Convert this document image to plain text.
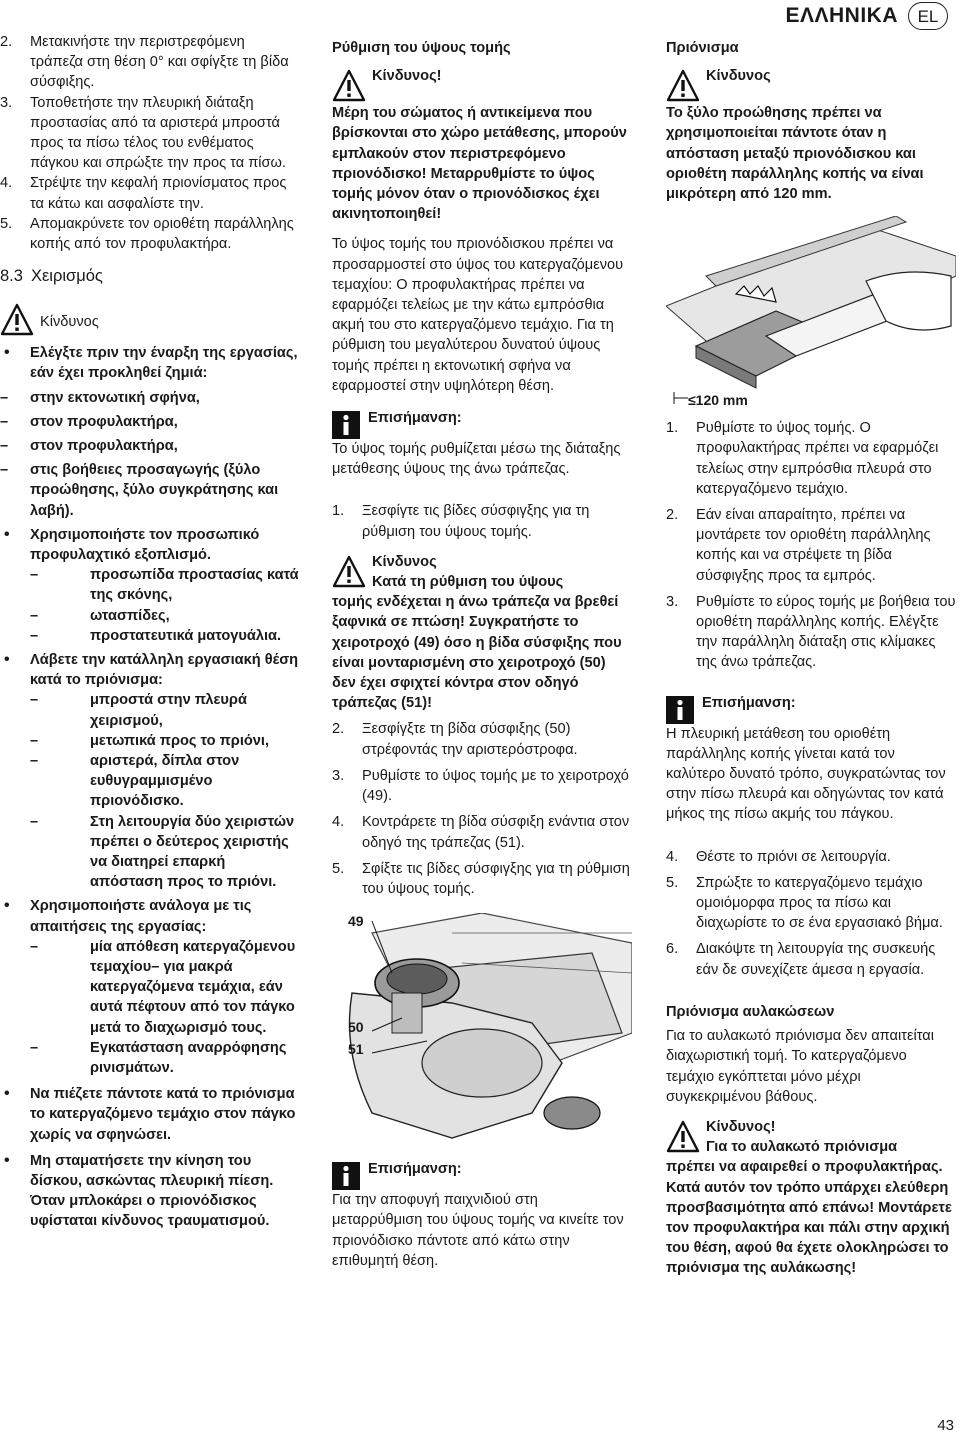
ΕΛΛΗΝΙΚΑ	EL
2.	Μετακινήστε την περιστρεφόμενη τράπεζα στη θέση 0° και σφίγξτε τη βίδα σύσφιξης.
3.	Τοποθετήστε την πλευρική διάταξη προστασίας από τα αριστερά μπροστά προς τα πίσω τέλος του ενθέματος πάγκου και σπρώξτε την προς τα πίσω.
4.	Στρέψτε την κεφαλή πριονίσματος προς τα κάτω και ασφαλίστε την.
5.	Απομακρύνετε τον οριοθέτη παράλληλης κοπής από τον προφυλακτήρα.
8.3 Χειρισμός

Κίνδυνος

•	Ελέγξτε πριν την έναρξη της εργασίας, εάν έχει προκληθεί ζημιά:
–	στην εκτονωτική σφήνα,
–	στον προφυλακτήρα,
–	στον προφυλακτήρα,
–	στις βοήθειες προσαγωγής (ξύλο προώθησης, ξύλο συγκράτησης και λαβή).
•	Χρησιμοποιήστε τον προσωπικό προφυλαχτικό εξοπλισμό.
–	προσωπίδα προστασίας κατά της σκόνης,
–	ωτασπίδες,
–	προστατευτικά ματογυάλια.
•	Λάβετε την κατάλληλη εργασιακή θέση κατά το πριόνισμα:
–	μπροστά στην πλευρά χειρισμού,
–	μετωπικά προς το πριόνι,
–	αριστερά, δίπλα στον ευθυγραμμισμένο πριονόδισκο.
–	Στη λειτουργία δύο χειριστών πρέπει ο δεύτερος χειριστής να διατηρεί επαρκή απόσταση προς το πριόνι.
•	Χρησιμοποιήστε ανάλογα με τις απαιτήσεις της εργασίας:
–	μία απόθεση κατεργαζόμενου τεμαχίου– για μακρά κατεργαζόμενα τεμάχια, εάν αυτά πέφτουν από τον πάγκο μετά το διαχωρισμό τους.
–	Εγκατάσταση αναρρόφησης ρινισμάτων.
•	Να πιέζετε πάντοτε κατά το πριόνισμα το κατεργαζόμενο τεμάχιο στον πάγκο χωρίς να σφηνώσει.
•	Μη σταματήσετε την κίνηση του δίσκου, ασκώντας πλευρική πίεση. Όταν μπλοκάρει ο πριονόδισκος υφίσταται κίνδυνος τραυματισμού.

Ρύθμιση του ύψους τομής

Κίνδυνος!

Μέρη του σώματος ή αντικείμενα που βρίσκονται στο χώρο μετάθεσης, μπορούν εμπλακούν στον περιστρεφόμενο πριονόδισκο! Μεταρρυθμίστε το ύψος τομής μόνον όταν ο πριονόδισκος έχει ακινητοποιηθεί!

Το ύψος τομής του πριονόδισκου πρέπει να προσαρμοστεί στο ύψος του κατεργαζόμενου τεμαχίου: Ο προφυλακτήρας πρέπει να εφαρμόζει τελείως με την κάτω εμπρόσθια ακμή του στο κατεργαζόμενο τεμάχιο. Για τη ρύθμιση του μεγαλύτερου δυνατού ύψους τομής πρέπει η εκτονωτική σφήνα να εφαρμοστεί στην υψηλότερη θέση.

Επισήμανση:

Το ύψος τομής ρυθμίζεται μέσω της διάταξης μετάθεσης ύψους της άνω τράπεζας.

1.	Ξεσφίγτε τις βίδες σύσφιγξης για τη ρύθμιση του ύψους τομής.

Κίνδυνος

Κατά τη ρύθμιση του ύψους

τομής ενδέχεται η άνω τράπεζα να βρεθεί ξαφνικά σε πτώση! Συγκρατήστε το χειροτροχό (49) όσο η βίδα σύσφιξης που είναι μονταρισμένη στο χειροτροχό (50) δεν έχει σφιχτεί κόντρα στον οδηγό τράπεζας (51)!

2.	Ξεσφίγξτε τη βίδα σύσφιξης (50) στρέφοντάς την αριστερόστροφα.
3.	Ρυθμίστε το ύψος τομής με το χειροτροχό (49).
4.	Κοντράρετε τη βίδα σύσφιξη ενάντια στον οδηγό της τράπεζας (51).
5.	Σφίξτε τις βίδες σύσφιγξης για τη ρύθμιση του ύψους τομής.
49
50
51

Επισήμανση:

Για την αποφυγή παιχνιδιού στη μεταρρύθμιση του ύψους τομής να κινείτε τον πριονόδισκο πάντοτε από κάτω στην επιθυμητή θέση.

Πριόνισμα

Κίνδυνος

Το ξύλο προώθησης πρέπει να χρησιμοποιείται πάντοτε όταν η απόσταση μεταξύ πριονόδισκου και οριοθέτη παράλληλης κοπής να είναι μικρότερη από 120 mm.

≤120 mm
1.	Ρυθμίστε το ύψος τομής. Ο προφυλακτήρας πρέπει να εφαρμόζει τελείως στην εμπρόσθια πλευρά στο κατεργαζόμενο τεμάχιο.
2.	Εάν είναι απαραίτητο, πρέπει να μοντάρετε τον οριοθέτη παράλληλης κοπής και να στρέψετε τη βίδα σύσφιγξης προς τα εμπρός.
3.	Ρυθμίστε το εύρος τομής με βοήθεια του οριοθέτη παράλληλης κοπής. Ελέγξτε την παράλληλη διάταξη στις κλίμακες της άνω τράπεζας.

Επισήμανση:

Η πλευρική μετάθεση του οριοθέτη παράλληλης κοπής γίνεται κατά τον καλύτερο δυνατό τρόπο, συγκρατώντας τον στην πίσω πλευρά και οδηγώντας τον κατά μήκος της πίσω ακμής του πάγκου.

4.	Θέστε το πριόνι σε λειτουργία.
5.	Σπρώξτε το κατεργαζόμενο τεμάχιο ομοιόμορφα προς τα πίσω και διαχωρίστε το σε ένα εργασιακό βήμα.
6.	Διακόψτε τη λειτουργία της συσκευής εάν δε συνεχίζετε άμεσα η εργασία.

Πριόνισμα αυλακώσεων

Για το αυλακωτό πριόνισμα δεν απαιτείται διαχωριστική τομή. Το κατεργαζόμενο τεμάχιο εγκόπτεται μόνο μέχρι συγκεκριμένου βάθους.

Κίνδυνος!

Για το αυλακωτό πριόνισμα

πρέπει να αφαιρεθεί ο προφυλακτήρας. Κατά αυτόν τον τρόπο υπάρχει ελεύθερη προσβασιμότητα από επάνω! Μοντάρετε τον προφυλακτήρα και πάλι στην αρχική του θέση, αφού θα έχετε ολοκληρώσει το πριόνισμα της αυλάκωσης!

43
